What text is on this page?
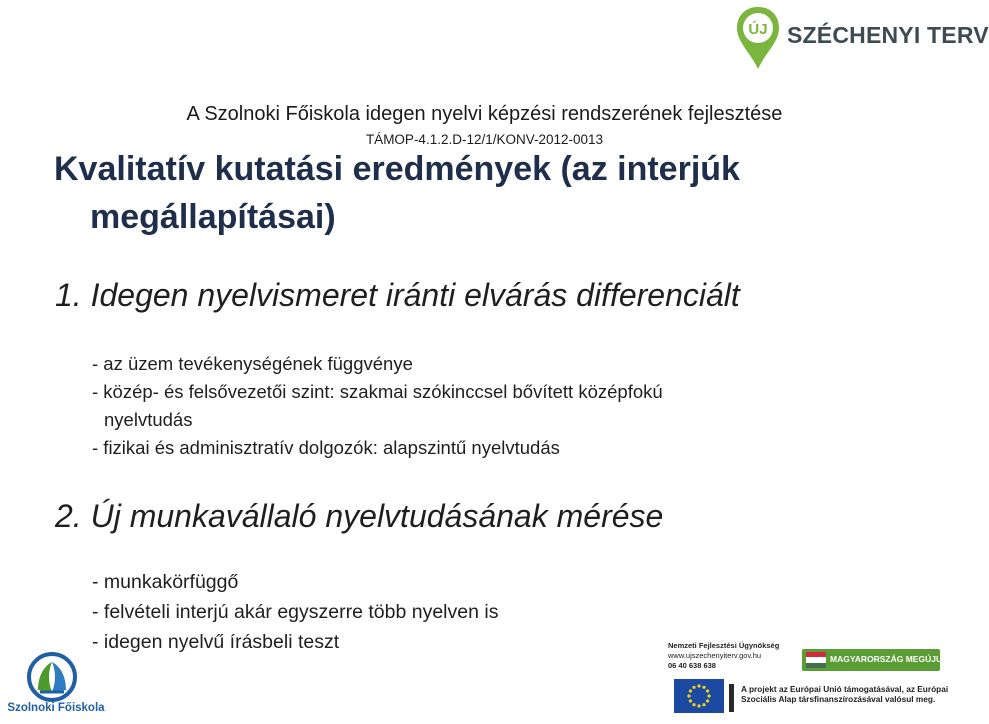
ÚJ SZÉCHENYI TERV
A Szolnoki Főiskola idegen nyelvi képzési rendszerének fejlesztése
TÁMOP-4.1.2.D-12/1/KONV-2012-0013
Kvalitatív kutatási eredmények (az interjúk
megállapításai)
1. Idegen nyelvismeret iránti elvárás differenciált
- az üzem tevékenységének függvénye
- közép- és felsővezetői szint: szakmai szókinccsel bővített középfokú
nyelvtudás
- fizikai és adminisztratív dolgozók: alapszintű nyelvtudás
2. Új munkavállaló nyelvtudásának mérése
- munkakörfüggő
- felvételi interjú akár egyszerre több nyelven is
- idegen nyelvű írásbeli teszt
Szolnoki Főiskola
Nemzeti Fejlesztési Ügynökség
www.ujszechenyiterv.gov.hu
06 40 638 638
MAGYARORSZÁG MEGÚJUL
A projekt az Európai Unió támogatásával, az Európai
Szociális Alap társfinanszírozásával valósul meg.
